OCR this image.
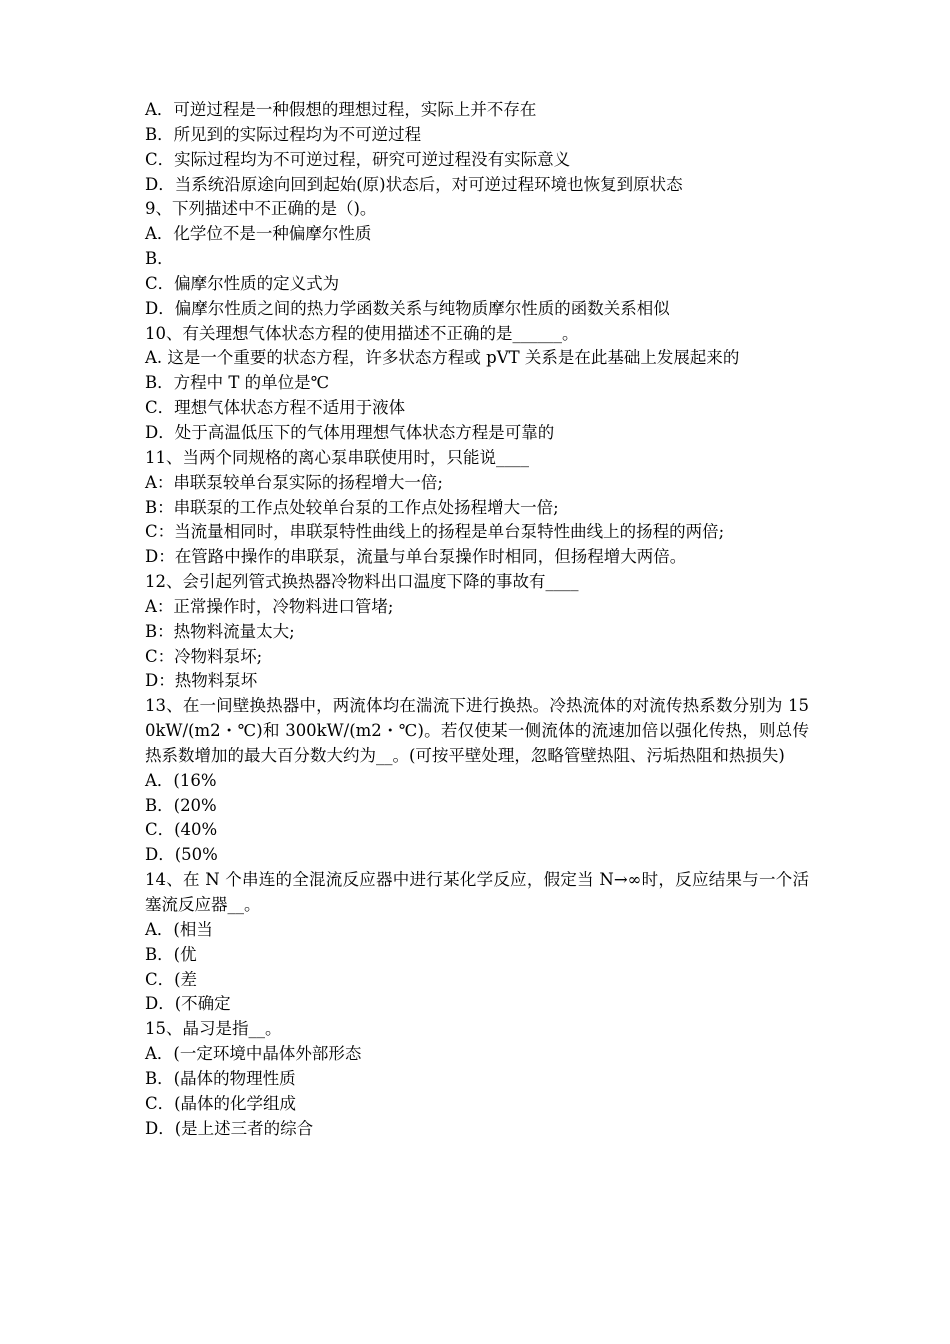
A．可逆过程是一种假想的理想过程，实际上并不存在
B．所见到的实际过程均为不可逆过程
C．实际过程均为不可逆过程，研究可逆过程没有实际意义
D．当系统沿原途向回到起始(原)状态后，对可逆过程环境也恢复到原状态
9、下列描述中不正确的是（)。
A．化学位不是一种偏摩尔性质
B．
C．偏摩尔性质的定义式为
D．偏摩尔性质之间的热力学函数关系与纯物质摩尔性质的函数关系相似
10、有关理想气体状态方程的使用描述不正确的是______。
A. 这是一个重要的状态方程，许多状态方程或 pVT 关系是在此基础上发展起来的
B．方程中 T 的单位是℃
C．理想气体状态方程不适用于液体
D．处于高温低压下的气体用理想气体状态方程是可靠的
11、当两个同规格的离心泵串联使用时，只能说____
A：串联泵较单台泵实际的扬程增大一倍;
B：串联泵的工作点处较单台泵的工作点处扬程增大一倍;
C：当流量相同时，串联泵特性曲线上的扬程是单台泵特性曲线上的扬程的两倍;
D：在管路中操作的串联泵，流量与单台泵操作时相同，但扬程增大两倍。
12、会引起列管式换热器冷物料出口温度下降的事故有____
A：正常操作时，冷物料进口管堵;
B：热物料流量太大;
C：冷物料泵坏;
D：热物料泵坏
13、在一间壁换热器中，两流体均在湍流下进行换热。冷热流体的对流传热系数分别为 150kW/(m2・℃)和 300kW/(m2・℃)。若仅使某一侧流体的流速加倍以强化传热，则总传热系数增加的最大百分数大约为__。(可按平壁处理，忽略管壁热阻、污垢热阻和热损失)
A．(16%
B．(20%
C．(40%
D．(50%
14、在 N 个串连的全混流反应器中进行某化学反应，假定当 N→∞时，反应结果与一个活塞流反应器__。
A．(相当
B．(优
C．(差
D．(不确定
15、晶习是指__。
A．(一定环境中晶体外部形态
B．(晶体的物理性质
C．(晶体的化学组成
D．(是上述三者的综合
